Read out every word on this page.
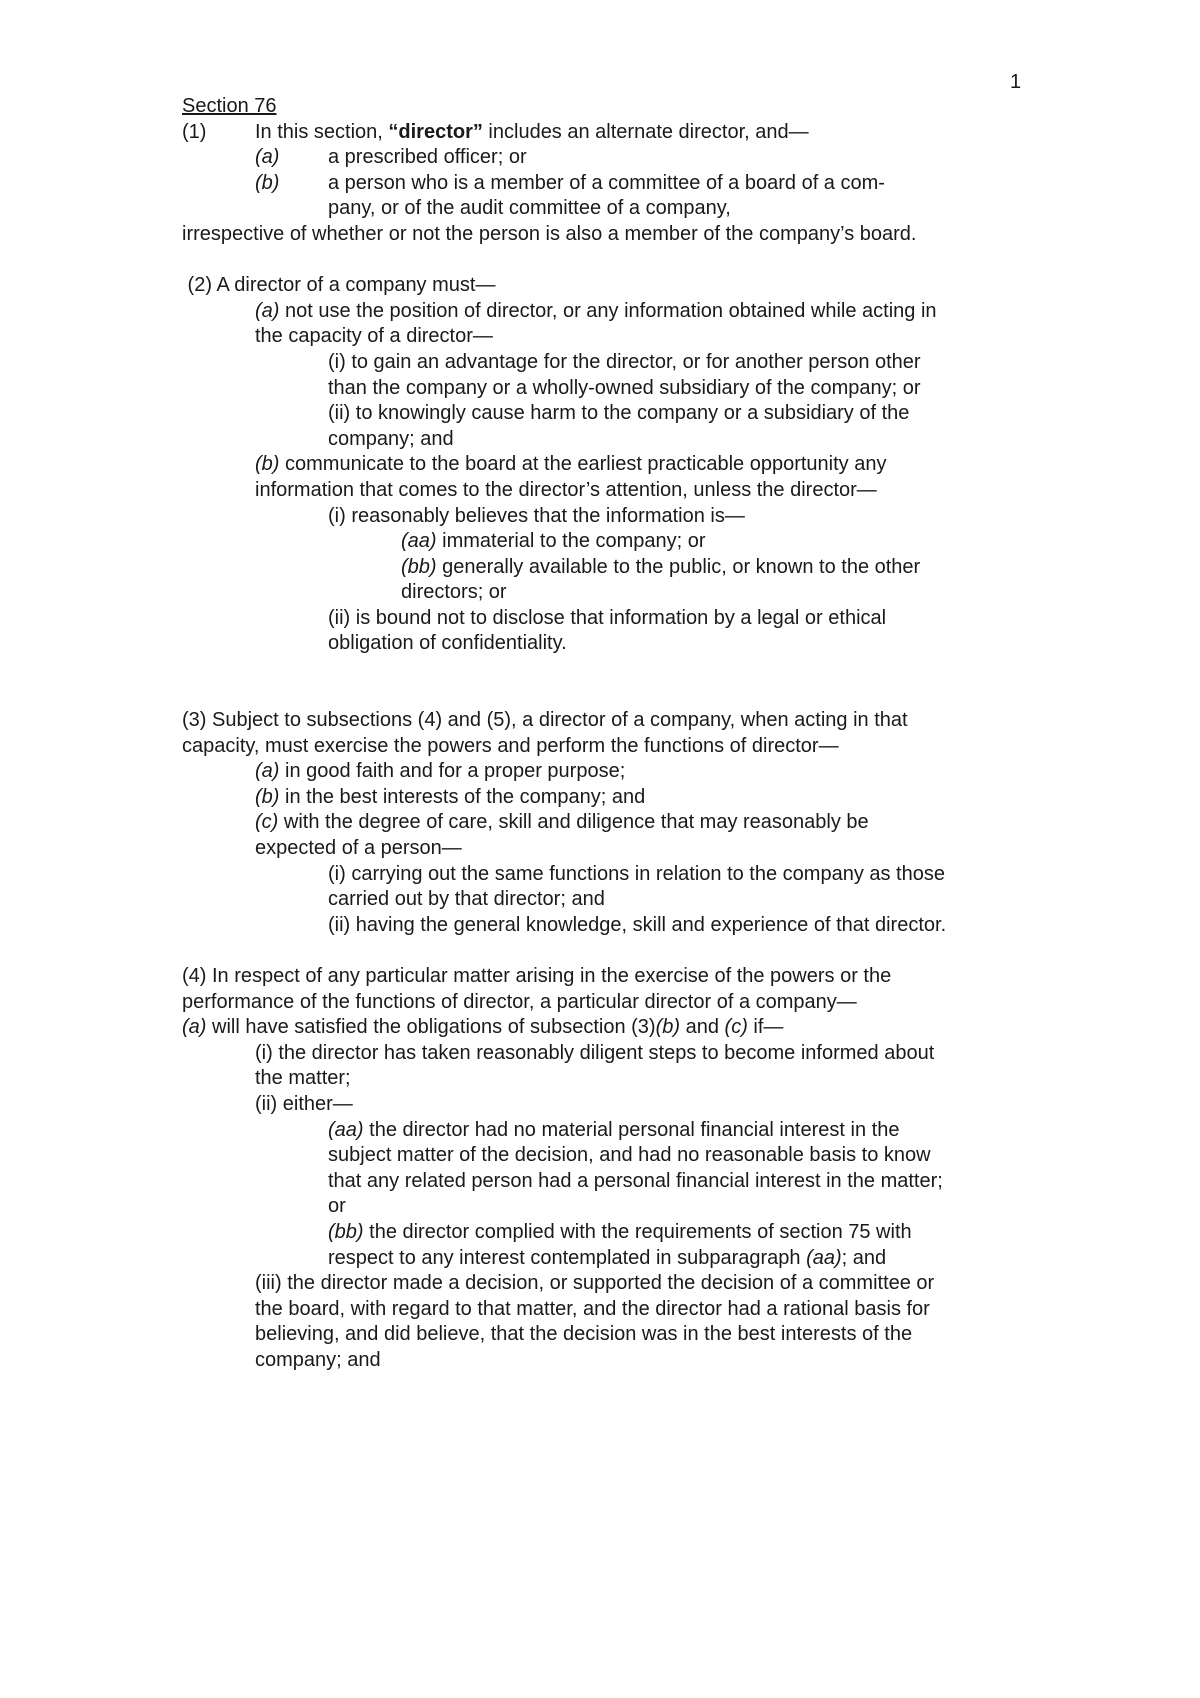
1
Section 76
(1) In this section, “director” includes an alternate director, and—
(a) a prescribed officer; or
(b) a person who is a member of a committee of a board of a com-
pany, or of the audit committee of a company,
irrespective of whether or not the person is also a member of the company’s board.
(2) A director of a company must—
(a) not use the position of director, or any information obtained while acting in
the capacity of a director—
(i) to gain an advantage for the director, or for another person other
than the company or a wholly-owned subsidiary of the company; or
(ii) to knowingly cause harm to the company or a subsidiary of the
company; and
(b) communicate to the board at the earliest practicable opportunity any
information that comes to the director’s attention, unless the director—
(i) reasonably believes that the information is—
(aa) immaterial to the company; or
(bb) generally available to the public, or known to the other
directors; or
(ii) is bound not to disclose that information by a legal or ethical
obligation of confidentiality.
(3) Subject to subsections (4) and (5), a director of a company, when acting in that
capacity, must exercise the powers and perform the functions of director—
(a) in good faith and for a proper purpose;
(b) in the best interests of the company; and
(c) with the degree of care, skill and diligence that may reasonably be
expected of a person—
(i) carrying out the same functions in relation to the company as those
carried out by that director; and
(ii) having the general knowledge, skill and experience of that director.
(4) In respect of any particular matter arising in the exercise of the powers or the
performance of the functions of director, a particular director of a company—
(a) will have satisfied the obligations of subsection (3)(b) and (c) if—
(i) the director has taken reasonably diligent steps to become informed about
the matter;
(ii) either—
(aa) the director had no material personal financial interest in the
subject matter of the decision, and had no reasonable basis to know
that any related person had a personal financial interest in the matter;
or
(bb) the director complied with the requirements of section 75 with
respect to any interest contemplated in subparagraph (aa); and
(iii) the director made a decision, or supported the decision of a committee or
the board, with regard to that matter, and the director had a rational basis for
believing, and did believe, that the decision was in the best interests of the
company; and
